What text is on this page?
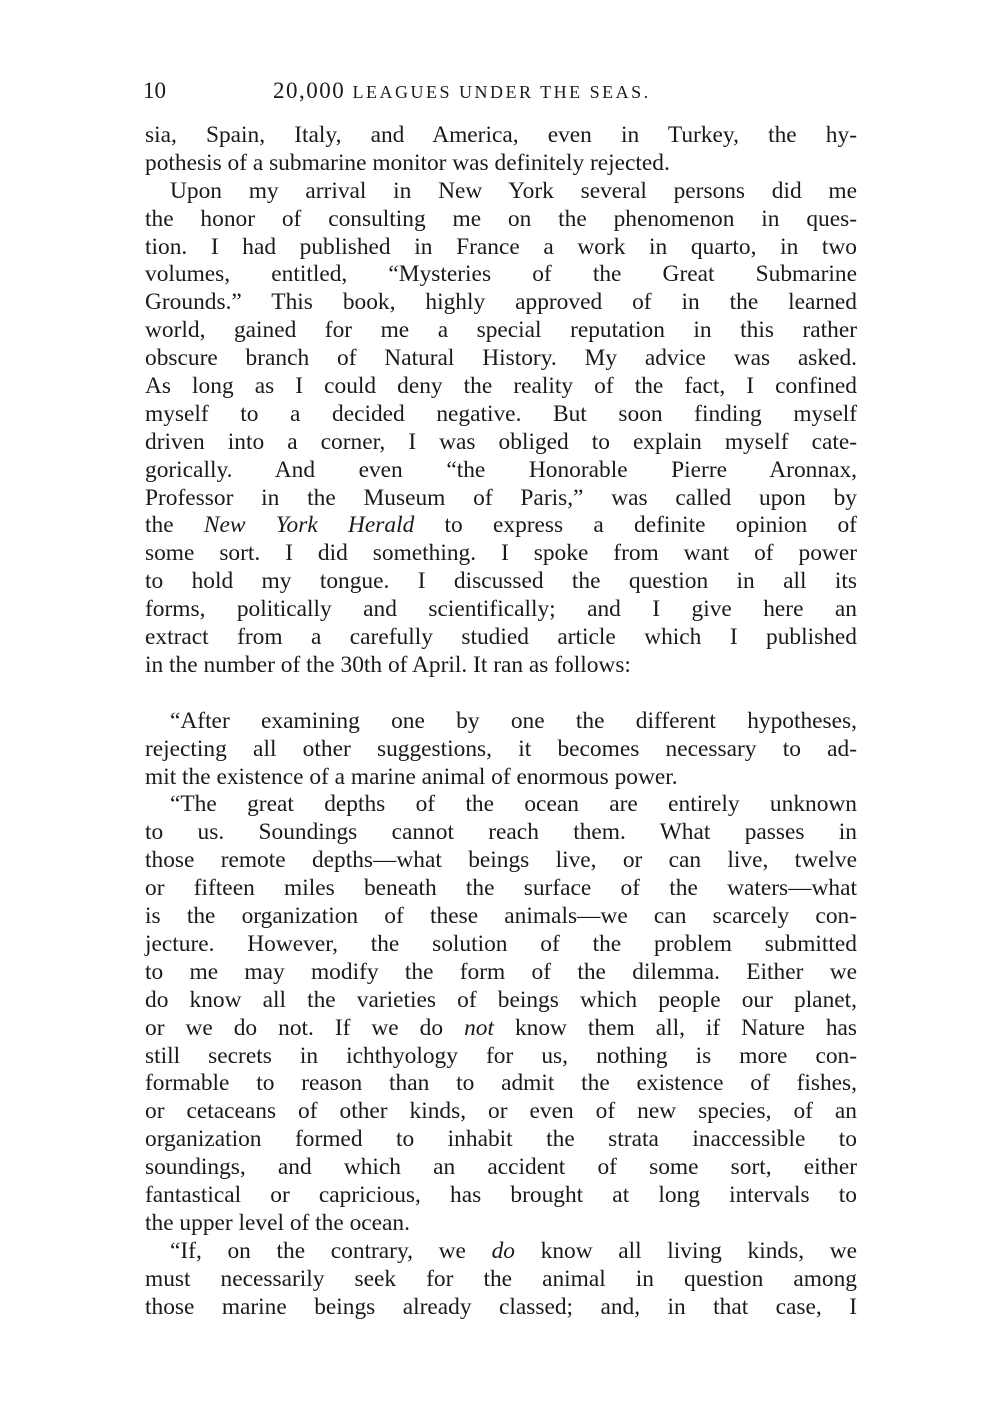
10	20,000 LEAGUES UNDER THE SEAS.
sia, Spain, Italy, and America, even in Turkey, the hy-
pothesis of a submarine monitor was definitely rejected.
Upon my arrival in New York several persons did me
the honor of consulting me on the phenomenon in ques-
tion. I had published in France a work in quarto, in two
volumes, entitled, “Mysteries of the Great Submarine
Grounds.” This book, highly approved of in the learned
world, gained for me a special reputation in this rather
obscure branch of Natural History. My advice was asked.
As long as I could deny the reality of the fact, I confined
myself to a decided negative. But soon finding myself
driven into a corner, I was obliged to explain myself cate-
gorically. And even “the Honorable Pierre Aronnax,
Professor in the Museum of Paris,” was called upon by
the New York Herald to express a definite opinion of
some sort. I did something. I spoke from want of power
to hold my tongue. I discussed the question in all its
forms, politically and scientifically; and I give here an
extract from a carefully studied article which I published
in the number of the 30th of April. It ran as follows:
“After examining one by one the different hypotheses,
rejecting all other suggestions, it becomes necessary to ad-
mit the existence of a marine animal of enormous power.
“The great depths of the ocean are entirely unknown
to us. Soundings cannot reach them. What passes in
those remote depths—what beings live, or can live, twelve
or fifteen miles beneath the surface of the waters—what
is the organization of these animals—we can scarcely con-
jecture. However, the solution of the problem submitted
to me may modify the form of the dilemma. Either we
do know all the varieties of beings which people our planet,
or we do not. If we do not know them all, if Nature has
still secrets in ichthyology for us, nothing is more con-
formable to reason than to admit the existence of fishes,
or cetaceans of other kinds, or even of new species, of an
organization formed to inhabit the strata inaccessible to
soundings, and which an accident of some sort, either
fantastical or capricious, has brought at long intervals to
the upper level of the ocean.
“If, on the contrary, we do know all living kinds, we
must necessarily seek for the animal in question among
those marine beings already classed; and, in that case, I
